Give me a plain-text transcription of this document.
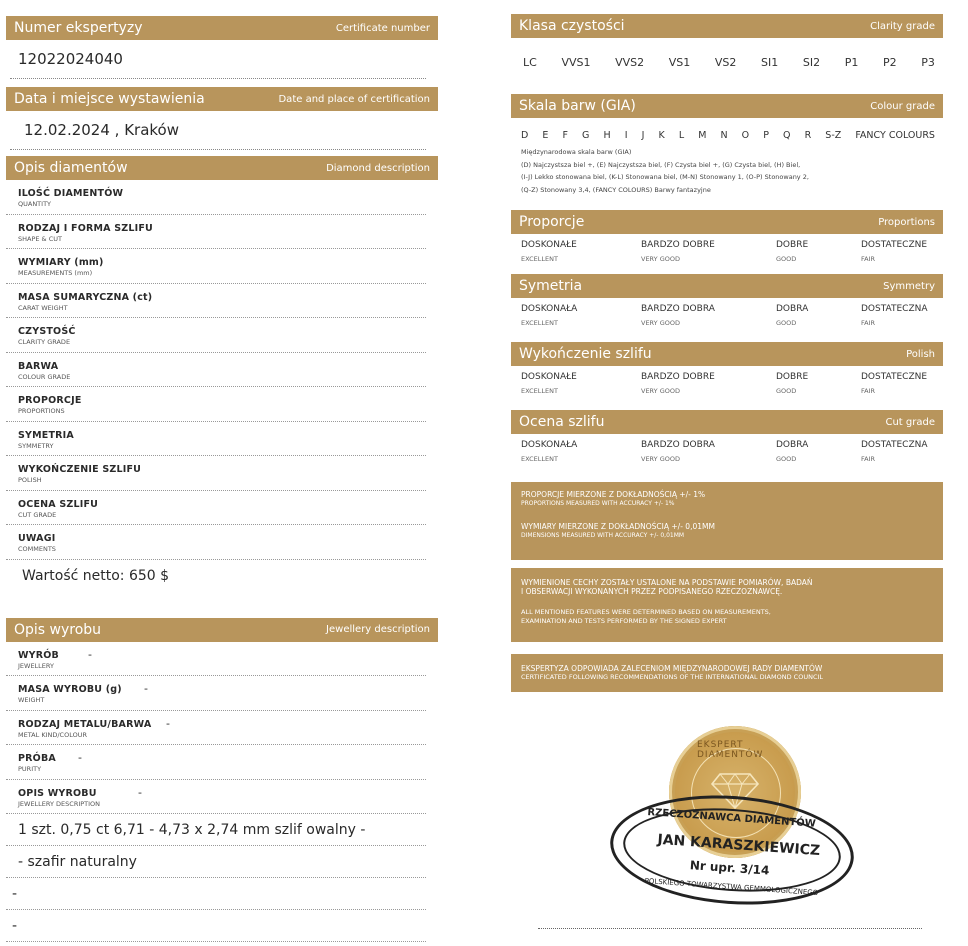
Numer ekspertyzy	Certificate number
12022024040
Data i miejsce wystawienia	Date and place of certification
12.02.2024 , Kraków
Opis diamentów	Diamond description
ILOŚĆ DIAMENTÓW
QUANTITY
RODZAJ I FORMA SZLIFU
SHAPE & CUT
WYMIARY (mm)
MEASUREMENTS (mm)
MASA SUMARYCZNA (ct)
CARAT WEIGHT
CZYSTOŚĆ
CLARITY GRADE
BARWA
COLOUR GRADE
PROPORCJE
PROPORTIONS
SYMETRIA
SYMMETRY
WYKOŃCZENIE SZLIFU
POLISH
OCENA SZLIFU
CUT GRADE
UWAGI
COMMENTS
Wartość netto: 650 $
Opis wyrobu	Jewellery description
WYRÓB
JEWELLERY
-
MASA WYROBU (g)
WEIGHT
-
RODZAJ METALU/BARWA
METAL KIND/COLOUR
-
PRÓBA
PURITY
-
OPIS WYROBU
JEWELLERY DESCRIPTION
-
1 szt. 0,75 ct 6,71 - 4,73 x 2,74 mm szlif owalny -
- szafir naturalny
-
-
Klasa czystości	Clarity grade
LC VVS1 VVS2 VS1 VS2 SI1 SI2 P1 P2 P3
Skala barw (GIA)	Colour grade
D E F G H I J K L M N O P Q R S-Z FANCY COLOURS
Międzynarodowa skala barw (GIA)
(D) Najczystsza biel +, (E) Najczystsza biel, (F) Czysta biel +, (G) Czysta biel, (H) Biel,
(I-J) Lekko stonowana biel, (K-L) Stonowana biel, (M-N) Stonowany 1, (O-P) Stonowany 2,
(Q-Z) Stonowany 3,4, (FANCY COLOURS) Barwy fantazyjne
Proporcje	Proportions
DOSKONAŁE
EXCELLENT
BARDZO DOBRE
VERY GOOD
DOBRE
GOOD
DOSTATECZNE
FAIR
Symetria	Symmetry
DOSKONAŁA
EXCELLENT
BARDZO DOBRA
VERY GOOD
DOBRA
GOOD
DOSTATECZNA
FAIR
Wykończenie szlifu	Polish
DOSKONAŁE
EXCELLENT
BARDZO DOBRE
VERY GOOD
DOBRE
GOOD
DOSTATECZNE
FAIR
Ocena szlifu	Cut grade
DOSKONAŁA
EXCELLENT
BARDZO DOBRA
VERY GOOD
DOBRA
GOOD
DOSTATECZNA
FAIR
PROPORCJE MIERZONE Z DOKŁADNOŚCIĄ +/- 1%
PROPORTIONS MEASURED WITH ACCURACY +/- 1%
WYMIARY MIERZONE Z DOKŁADNOŚCIĄ +/- 0,01MM
DIMENSIONS MEASURED WITH ACCURACY +/- 0,01MM
WYMIENIONE CECHY ZOSTAŁY USTALONE NA PODSTAWIE POMIARÓW, BADAŃ
I OBSERWACJI WYKONANYCH PRZEZ PODPISANEGO RZECZOZNAWCĘ.
ALL MENTIONED FEATURES WERE DETERMINED BASED ON MEASUREMENTS,
EXAMINATION AND TESTS PERFORMED BY THE SIGNED EXPERT
EKSPERTYZA ODPOWIADA ZALECENIOM MIĘDZYNARODOWEJ RADY DIAMENTÓW
CERTIFICATED FOLLOWING RECOMMENDATIONS OF THE INTERNATIONAL DIAMOND COUNCIL
EKSPERT DIAMENTÓW
RZECZOZNAWCA DIAMENTÓW
JAN KARASZKIEWICZ
Nr upr. 3/14
POLSKIEGO TOWARZYSTWA GEMMOLOGICZNEGO
